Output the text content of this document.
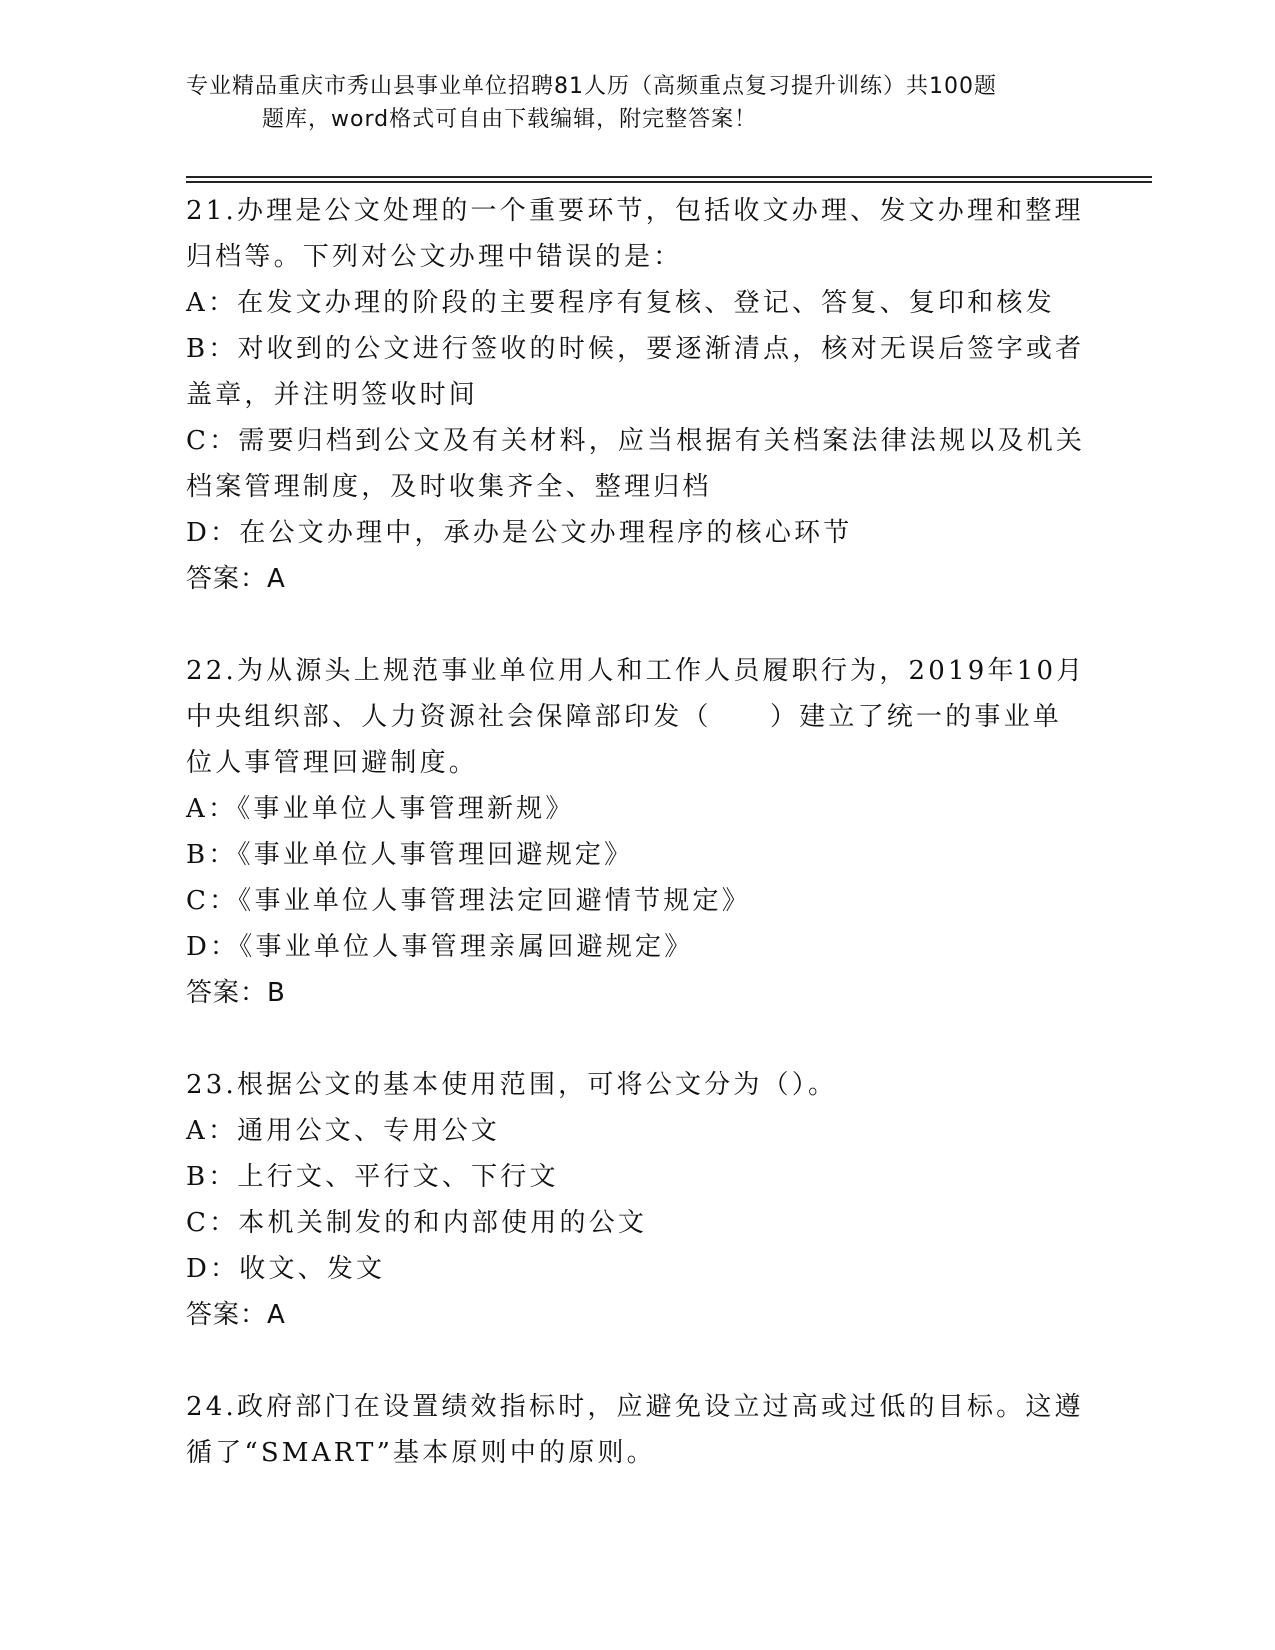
专业精品重庆市秀山县事业单位招聘81人历（高频重点复习提升训练）共100题
题库，word格式可自由下载编辑，附完整答案！

21.办理是公文处理的一个重要环节，包括收文办理、发文办理和整理归档等。下列对公文办理中错误的是：

A：在发文办理的阶段的主要程序有复核、登记、答复、复印和核发

B：对收到的公文进行签收的时候，要逐渐清点，核对无误后签字或者盖章，并注明签收时间

C：需要归档到公文及有关材料，应当根据有关档案法律法规以及机关档案管理制度，及时收集齐全、整理归档

D：在公文办理中，承办是公文办理程序的核心环节

答案：A

22.为从源头上规范事业单位用人和工作人员履职行为，2019年10月中央组织部、人力资源社会保障部印发（　　）建立了统一的事业单位人事管理回避制度。

A：《事业单位人事管理新规》

B：《事业单位人事管理回避规定》

C：《事业单位人事管理法定回避情节规定》

D：《事业单位人事管理亲属回避规定》

答案：B

23.根据公文的基本使用范围，可将公文分为（）。

A：通用公文、专用公文

B：上行文、平行文、下行文

C：本机关制发的和内部使用的公文

D：收文、发文

答案：A

24.政府部门在设置绩效指标时，应避免设立过高或过低的目标。这遵循了“SMART”基本原则中的原则。
